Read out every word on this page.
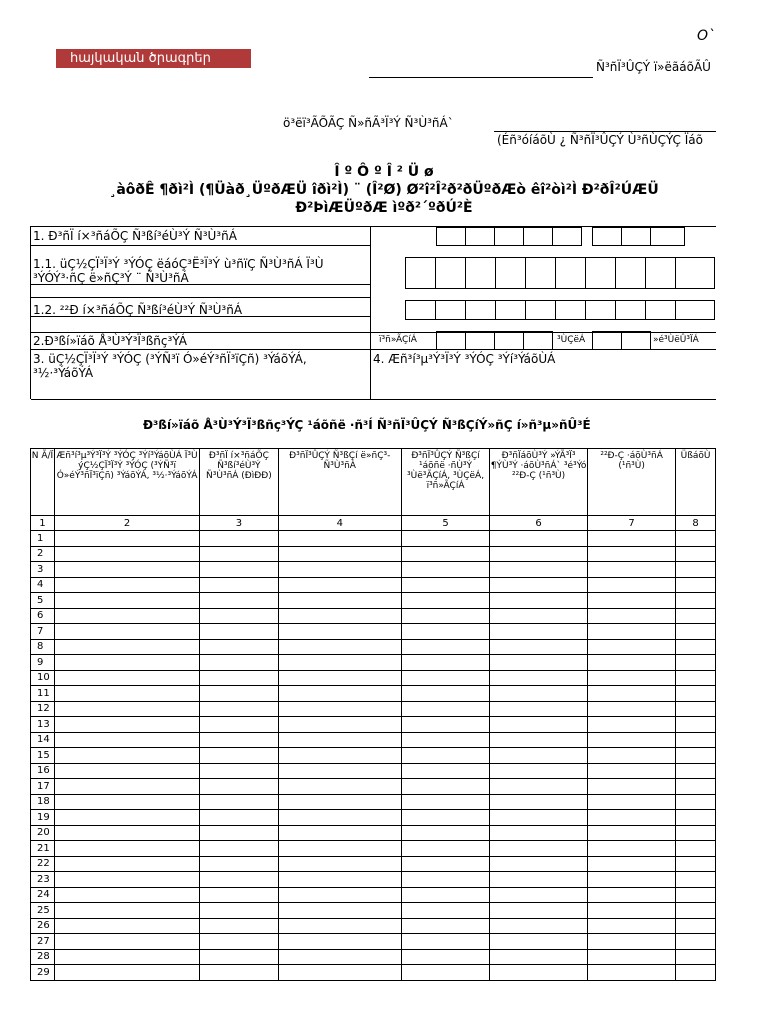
հայկական ծրագրեր
Օ`
Ñ³ñÏ³ÛÇÝ ï»ëãáõÃÛ
ö³ëï³ÃÕÃÇ Ñ»ñÃ³Ï³Ý Ñ³Ù³ñÁ`
(Éñ³óíáõÙ ¿ Ñ³ñÏ³ÛÇÝ Ù³ñÙÇÝÇ Ïáõ
Î º Ô º Î ² Ü ø
¸àôðÊ ¶ðì²Ì (¶Üàð¸ÜºðÆÜ îðì²Ì) ¨ (Î²Ø) Ø²î²Î²ð²ðÜºðÆò êî²òì²Ì Ð²ðÎ²ÚÆÜ
Ð²ÞìÆÜºðÆ ìºð²´ºðÚ²È
1. Ð³ñÏ í×³ñáÕÇ Ñ³ßí³éÙ³Ý Ñ³Ù³ñÁ
1.1. üÇ½ÇÏ³Ï³Ý ³ÝÓÇ ëáóÇ³Ë³Ï³Ý ù³ñïÇ Ñ³Ù³ñÁ Ï³Ù ³ÝÓÝ³·ñÇ ë»ñÇ³Ý ¨ Ñ³Ù³ñÁ
1.2. ²²Ð í×³ñáÕÇ Ñ³ßí³éÙ³Ý Ñ³Ù³ñÁ
2.Ð³ßí»ïáõ Å³Ù³Ý³Ï³ßñç³ÝÁ
3. üÇ½ÇÏ³Ï³Ý ³ÝÓÇ (³ÝÑ³ï Ó»éÝ³ñÏ³ïÇñ) ³ÝáõÝÁ, ³½·³ÝáõÝÁ
4. Æñ³í³µ³Ý³Ï³Ý ³ÝÓÇ ³Ýí³ÝáõÙÁ
ï³ñ»ÃÇíÁ	³ÙÇëÁ	»é³ÙëÛ³ÏÁ
Ð³ßí»ïáõ Å³Ù³Ý³Ï³ßñç³ÝÇ ¹áõñë ·ñ³Í Ñ³ñÏ³ÛÇÝ Ñ³ßÇíÝ»ñÇ í»ñ³µ»ñÛ³É
N Ã/Ï	Æñ³í³µ³Ý³Ï³Ý ³ÝÓÇ ³Ýí³ÝáõÙÁ Ï³Ù ýÇ½ÇÏ³Ï³Ý ³ÝÓÇ (³ÝÑ³ï Ó»éÝ³ñÏ³ïÇñ) ³ÝáõÝÁ, ³½·³ÝáõÝÁ	Ð³ñÏ í×³ñáÕÇ Ñ³ßí³éÙ³Ý Ñ³Ù³ñÁ (ÐìÐÐ)	Ð³ñÏ³ÛÇÝ Ñ³ßÇí ë»ñÇ³-Ñ³Ù³ñÁ	Ð³ñÏ³ÛÇÝ Ñ³ßÇí ¹áõñë ·ñÙ³Ý ³Ùë³ÃÇíÁ, ³ÙÇëÁ, ï³ñ»ÃÇíÁ	Ð³ñÏáõÙ³Ý »ÝÃ³Ï³ ¶ÝÙ³Ý ·áõÙ³ñÁ` ³é³Ýó ²²Ð-Ç (¹ñ³Ù)	²²Ð-Ç ·áõÙ³ñÁ (¹ñ³Ù)	ÜßáõÙ
1	2	3	4	5	6	7	8
1							
2							
3							
4							
5							
6							
7							
8							
9							
10							
11							
12							
13							
14							
15							
16							
17							
18							
19							
20							
21							
22							
23							
24							
25							
26							
27							
28							
29							
